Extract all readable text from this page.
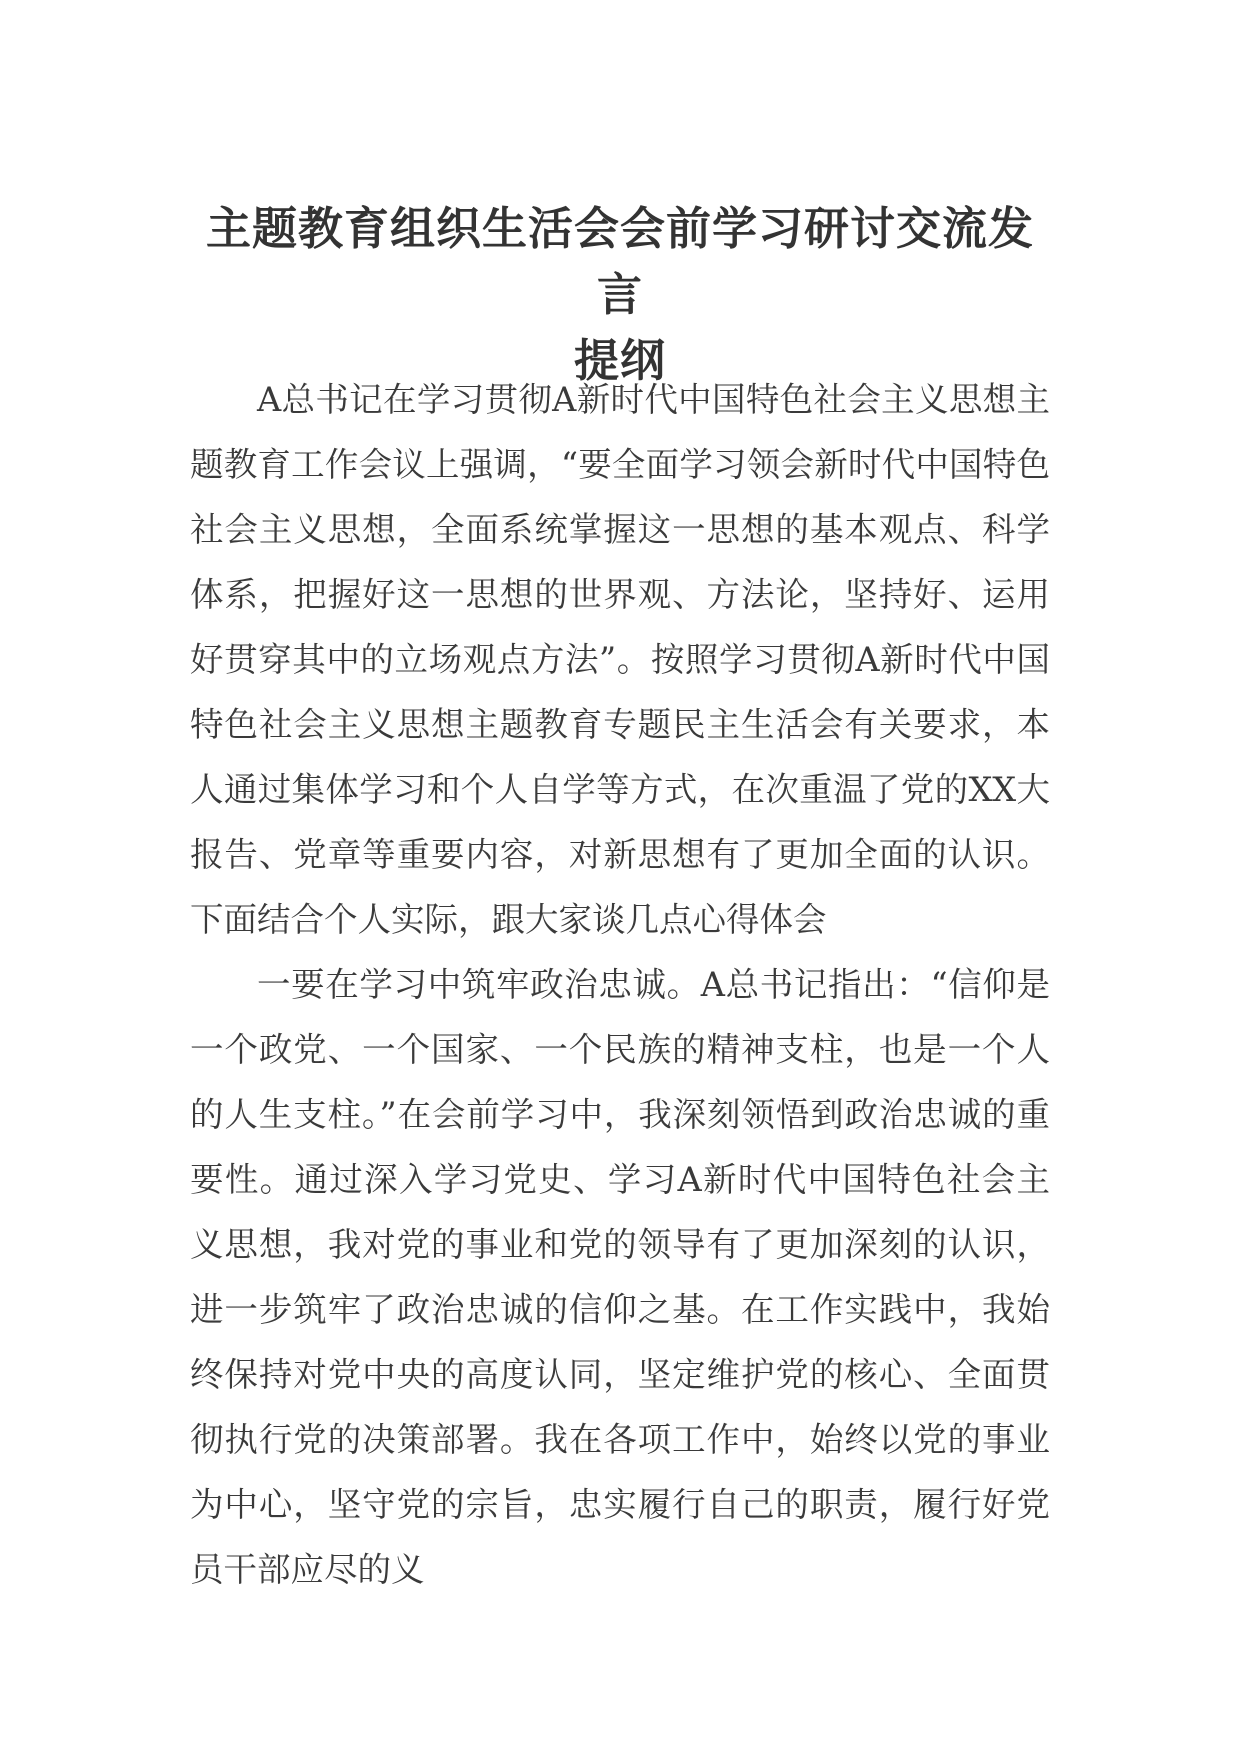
主题教育组织生活会会前学习研讨交流发言
提纲

A总书记在学习贯彻A新时代中国特色社会主义思想主题教育工作会议上强调，“要全面学习领会新时代中国特色社会主义思想，全面系统掌握这一思想的基本观点、科学体系，把握好这一思想的世界观、方法论，坚持好、运用好贯穿其中的立场观点方法”。按照学习贯彻A新时代中国特色社会主义思想主题教育专题民主生活会有关要求，本人通过集体学习和个人自学等方式，在次重温了党的XX大报告、党章等重要内容，对新思想有了更加全面的认识。下面结合个人实际，跟大家谈几点心得体会

一要在学习中筑牢政治忠诚。A总书记指出：“信仰是一个政党、一个国家、一个民族的精神支柱，也是一个人的人生支柱。”在会前学习中，我深刻领悟到政治忠诚的重要性。通过深入学习党史、学习A新时代中国特色社会主义思想，我对党的事业和党的领导有了更加深刻的认识，进一步筑牢了政治忠诚的信仰之基。在工作实践中，我始终保持对党中央的高度认同，坚定维护党的核心、全面贯彻执行党的决策部署。我在各项工作中，始终以党的事业为中心，坚守党的宗旨，忠实履行自己的职责，履行好党员干部应尽的义
